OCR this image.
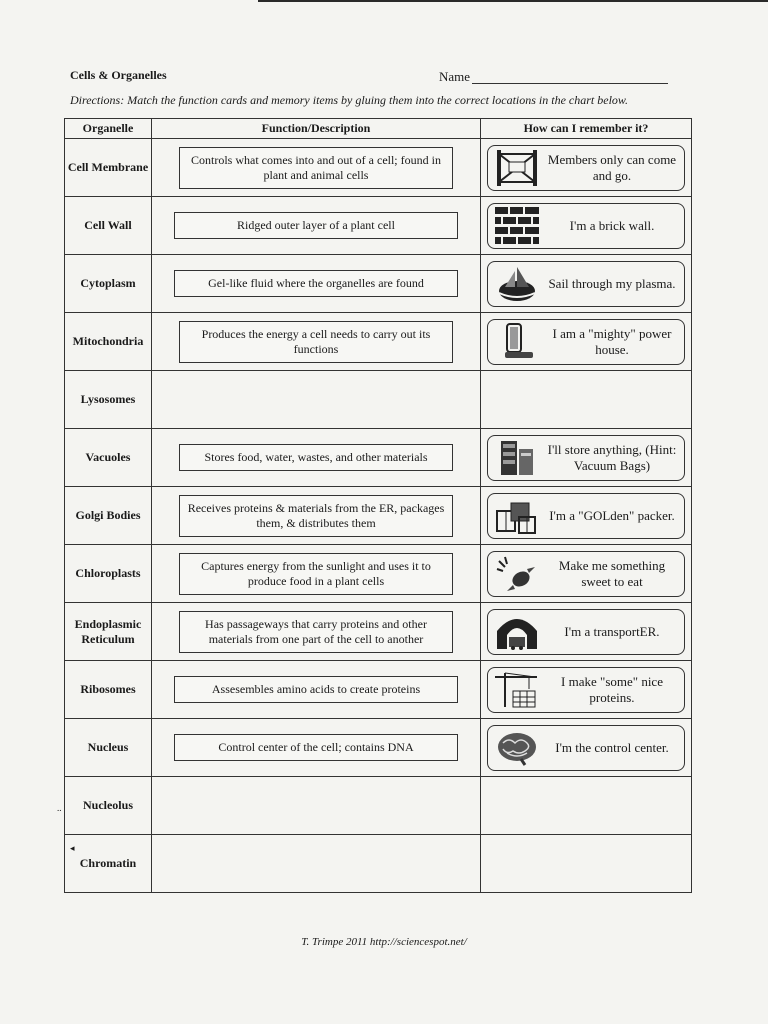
Cells & Organelles	Name
Directions: Match the function cards and memory items by gluing them into the correct locations in the chart below.
Organelle	Function/Description	How can I remember it?
Cell Membrane	Controls what comes into and out of a cell; found in plant and animal cells	Members only can come and go.

Cell Wall	Ridged outer layer of a plant cell	I'm a brick wall.

Cytoplasm	Gel-like fluid where the organelles are found	Sail through my plasma.

Mitochondria	Produces the energy a cell needs to carry out its functions	I am a "mighty" power house.

Lysosomes		
Vacuoles	Stores food, water, wastes, and other materials	I'll store anything, (Hint: Vacuum Bags)

Golgi Bodies	Receives proteins & materials from the ER, packages them, & distributes them	I'm a "GOLden" packer.

Chloroplasts	Captures energy from the sunlight and uses it to produce food in a plant cells	Make me something sweet to eat

Endoplasmic Reticulum	Has passageways that carry proteins and other materials from one part of the cell to another	I'm a transportER.

Ribosomes	Assesembles amino acids to create proteins	I make "some" nice proteins.

Nucleus	Control center of the cell; contains DNA	I'm the control center.

Nucleolus		
Chromatin		
T. Trimpe 2011 http://sciencespot.net/
..
◂
